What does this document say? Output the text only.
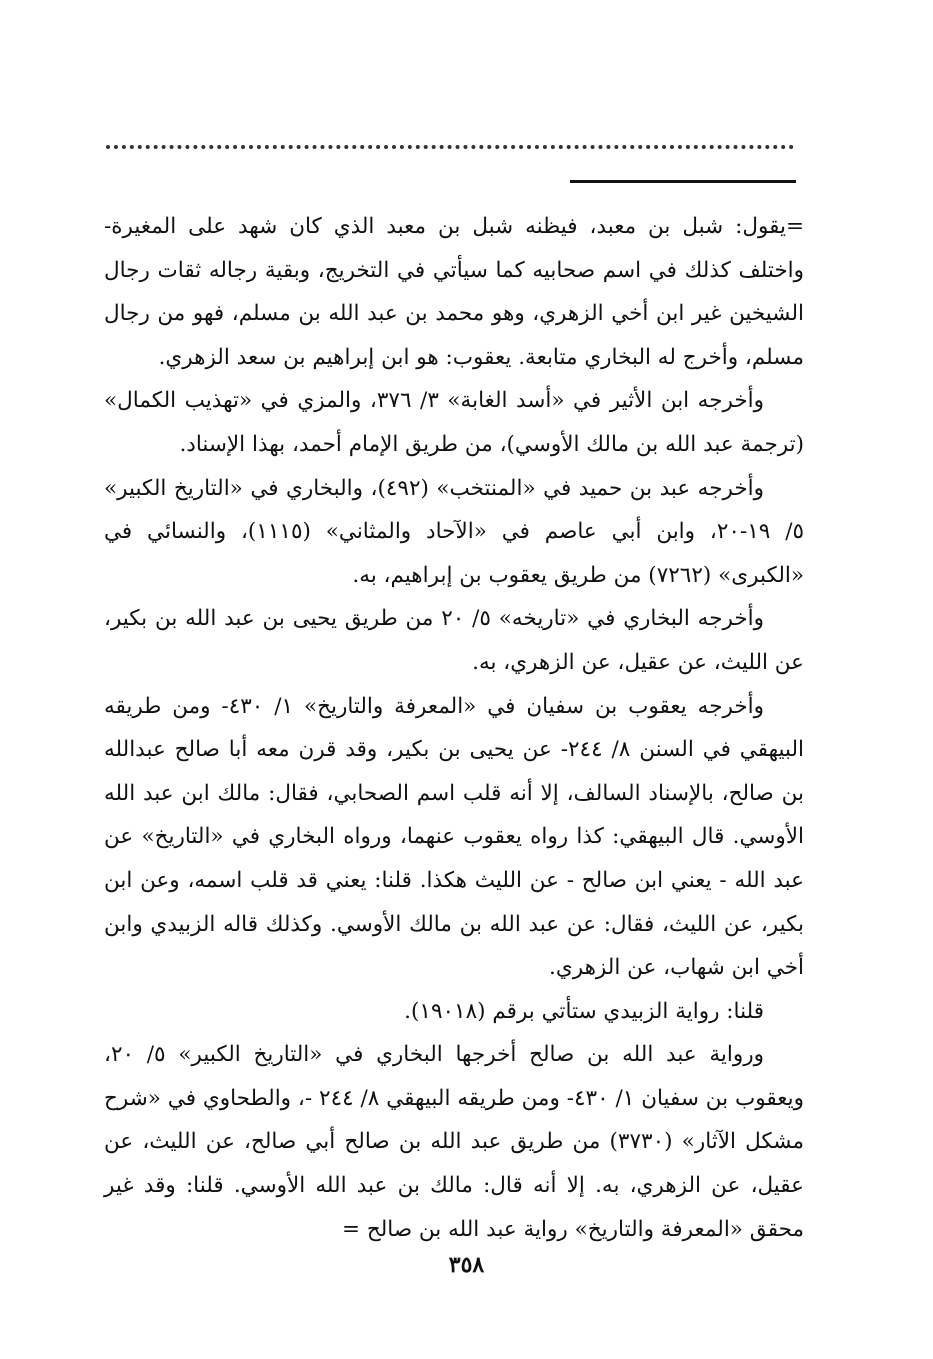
=يقول: شبل بن معبد، فيظنه شبل بن معبد الذي كان شهد على المغيرة- واختلف كذلك في اسم صحابيه كما سيأتي في التخريج، وبقية رجاله ثقات رجال الشيخين غير ابن أخي الزهري، وهو محمد بن عبد الله بن مسلم، فهو من رجال مسلم، وأخرج له البخاري متابعة. يعقوب: هو ابن إبراهيم بن سعد الزهري.

وأخرجه ابن الأثير في «أسد الغابة» ٣/ ٣٧٦، والمزي في «تهذيب الكمال» (ترجمة عبد الله بن مالك الأوسي)، من طريق الإمام أحمد، بهذا الإسناد.

وأخرجه عبد بن حميد في «المنتخب» (٤٩٢)، والبخاري في «التاريخ الكبير» ٥/ ١٩-٢٠، وابن أبي عاصم في «الآحاد والمثاني» (١١١٥)، والنسائي في «الكبرى» (٧٢٦٢) من طريق يعقوب بن إبراهيم، به.

وأخرجه البخاري في «تاريخه» ٥/ ٢٠ من طريق يحيى بن عبد الله بن بكير، عن الليث، عن عقيل، عن الزهري، به.

وأخرجه يعقوب بن سفيان في «المعرفة والتاريخ» ١/ ٤٣٠- ومن طريقه البيهقي في السنن ٨/ ٢٤٤- عن يحيى بن بكير، وقد قرن معه أبا صالح عبدالله بن صالح، بالإسناد السالف، إلا أنه قلب اسم الصحابي، فقال: مالك ابن عبد الله الأوسي. قال البيهقي: كذا رواه يعقوب عنهما، ورواه البخاري في «التاريخ» عن عبد الله - يعني ابن صالح - عن الليث هكذا. قلنا: يعني قد قلب اسمه، وعن ابن بكير، عن الليث، فقال: عن عبد الله بن مالك الأوسي. وكذلك قاله الزبيدي وابن أخي ابن شهاب، عن الزهري.

قلنا: رواية الزبيدي ستأتي برقم (١٩٠١٨).

ورواية عبد الله بن صالح أخرجها البخاري في «التاريخ الكبير» ٥/ ٢٠، ويعقوب بن سفيان ١/ ٤٣٠- ومن طريقه البيهقي ٨/ ٢٤٤ -، والطحاوي في «شرح مشكل الآثار» (٣٧٣٠) من طريق عبد الله بن صالح أبي صالح، عن الليث، عن عقيل، عن الزهري، به. إلا أنه قال: مالك بن عبد الله الأوسي. قلنا: وقد غير محقق «المعرفة والتاريخ» رواية عبد الله بن صالح =

٣٥٨
